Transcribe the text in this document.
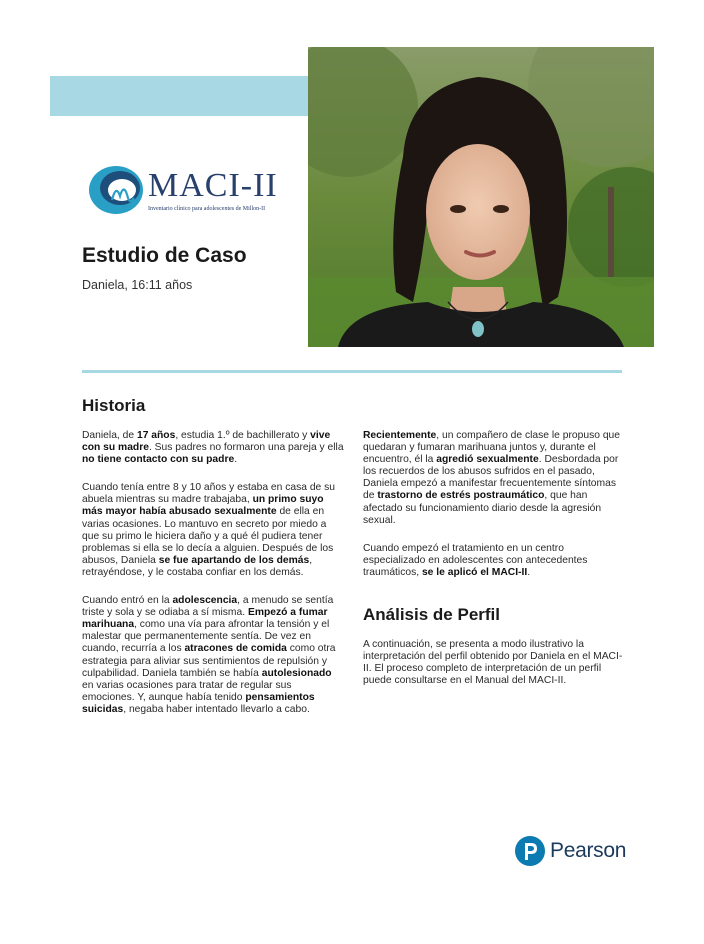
MACI-II
Inventario clínico para adolescentes de Millon-II
Estudio de Caso

Daniela, 16:11 años

Historia

Daniela, de 17 años, estudia 1.º de bachillerato y vive con su madre. Sus padres no formaron una pareja y ella no tiene contacto con su padre.

Cuando tenía entre 8 y 10 años y estaba en casa de su abuela mientras su madre trabajaba, un primo suyo más mayor había abusado sexualmente de ella en varias ocasiones. Lo mantuvo en secreto por miedo a que su primo le hiciera daño y a qué él pudiera tener problemas si ella se lo decía a alguien. Después de los abusos, Daniela se fue apartando de los demás, retrayéndose, y le costaba confiar en los demás.

Cuando entró en la adolescencia, a menudo se sentía triste y sola y se odiaba a sí misma. Empezó a fumar marihuana, como una vía para afrontar la tensión y el malestar que permanentemente sentía. De vez en cuando, recurría a los atracones de comida como otra estrategia para aliviar sus sentimientos de repulsión y culpabilidad. Daniela también se había autolesionado en varias ocasiones para tratar de regular sus emociones. Y, aunque había tenido pensamientos suicidas, negaba haber intentado llevarlo a cabo.

Recientemente, un compañero de clase le propuso que quedaran y fumaran marihuana juntos y, durante el encuentro, él la agredió sexualmente. Desbordada por los recuerdos de los abusos sufridos en el pasado, Daniela empezó a manifestar frecuentemente síntomas de trastorno de estrés postraumático, que han afectado su funcionamiento diario desde la agresión sexual.

Cuando empezó el tratamiento en un centro especializado en adolescentes con antecedentes traumáticos, se le aplicó el MACI-II.

Análisis de Perfil
A continuación, se presenta a modo ilustrativo la interpretación del perfil obtenido por Daniela en el MACI-II. El proceso completo de interpretación de un perfil puede consultarse en el Manual del MACI-II.
Pearson
